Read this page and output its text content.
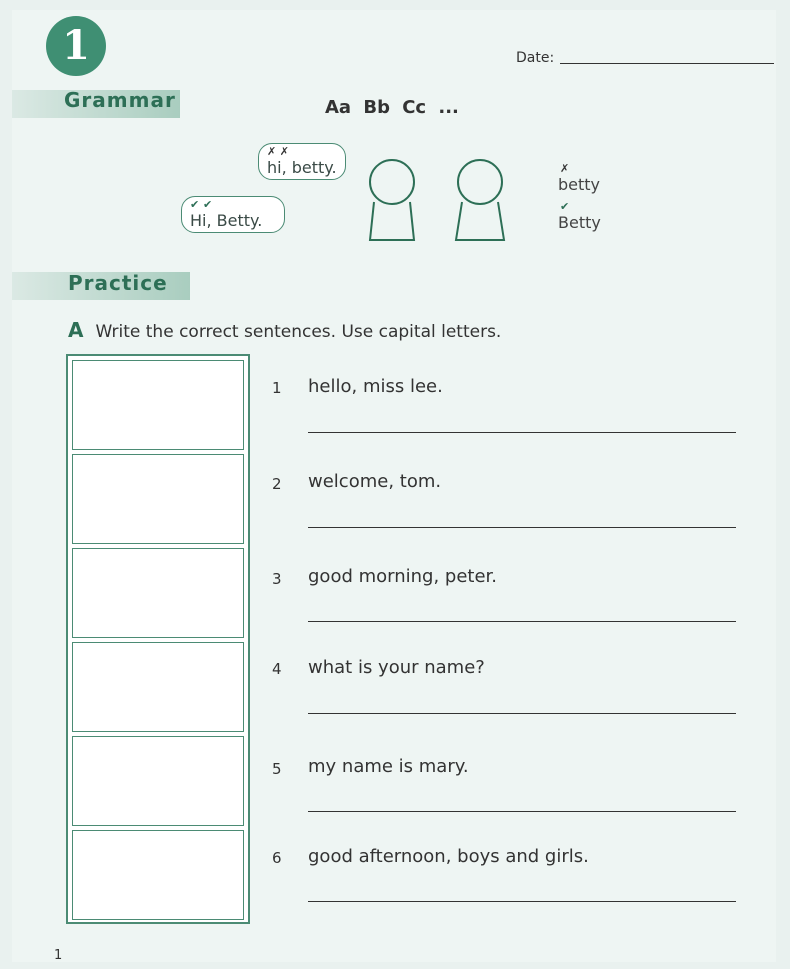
1	Date:
Grammar	Aa Bb Cc ...
✗ ✗
hi, betty.
✔ ✔
Hi, Betty.
✗
betty
✔
Betty
Practice
A Write the correct sentences. Use capital letters.
1 hello, miss lee.
2 welcome, tom.
3 good morning, peter.
4 what is your name?
5 my name is mary.
6 good afternoon, boys and girls.
1
